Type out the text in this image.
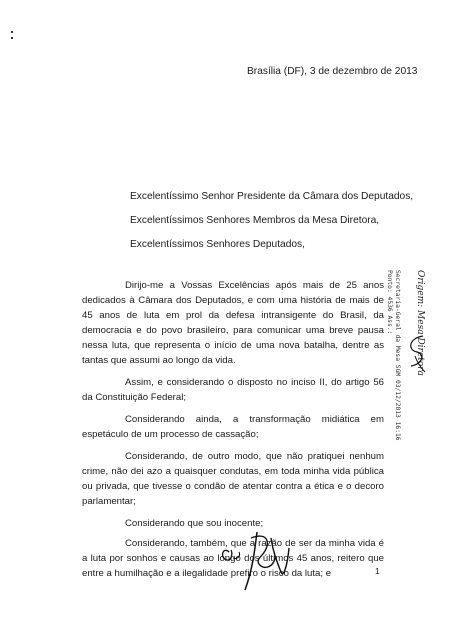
Brasília (DF), 3 de dezembro de 2013
Excelentíssimo Senhor Presidente da Câmara dos Deputados,
Excelentíssimos Senhores Membros da Mesa Diretora,
Excelentíssimos Senhores Deputados,

Dirijo-me a Vossas Excelências após mais de 25 anos dedicados à Câmara dos Deputados, e com uma história de mais de 45 anos de luta em prol da defesa intransigente do Brasil, da democracia e do povo brasileiro, para comunicar uma breve pausa nessa luta, que representa o início de uma nova batalha, dentre as tantas que assumi ao longo da vida.

Assim, e considerando o disposto no inciso II, do artigo 56 da Constituição Federal;

Considerando ainda, a transformação midiática em espetáculo de um processo de cassação;

Considerando, de outro modo, que não pratiquei nenhum crime, não dei azo a quaisquer condutas, em toda minha vida pública ou privada, que tivesse o condão de atentar contra a ética e o decoro parlamentar;

Considerando que sou inocente;

Considerando, também, que a razão de ser da minha vida é a luta por sonhos e causas ao longo dos últimos 45 anos, reitero que entre a humilhação e a ilegalidade prefiro o risco da luta; e	1
Secretaria-Geral da Mesa SGM 03/12/2013 16:16
Ponto: 4536 Ass.: Origem: Mesa Diretora
